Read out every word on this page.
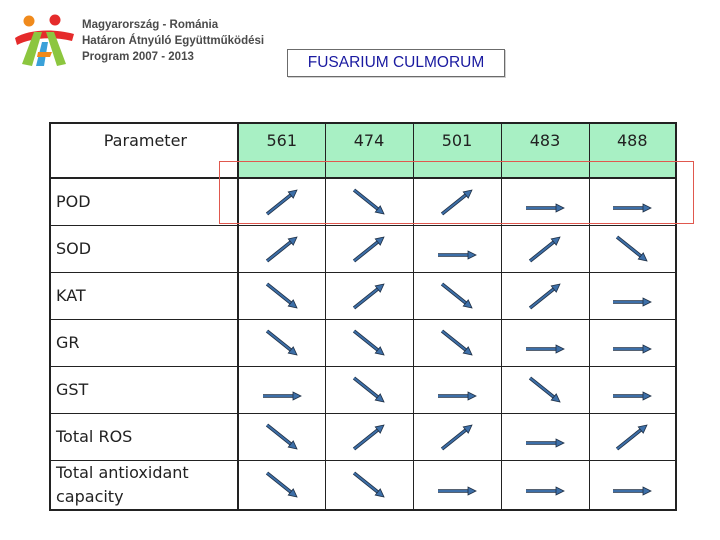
Magyarország - Románia
Határon Átnyúló Együttműködési
Program 2007 - 2013	FUSARIUM CULMORUM
Parameter	561	474	501	483	488
POD	

SOD	

KAT	

GR	

GST	

Total ROS	

Total antioxidant capacity	
